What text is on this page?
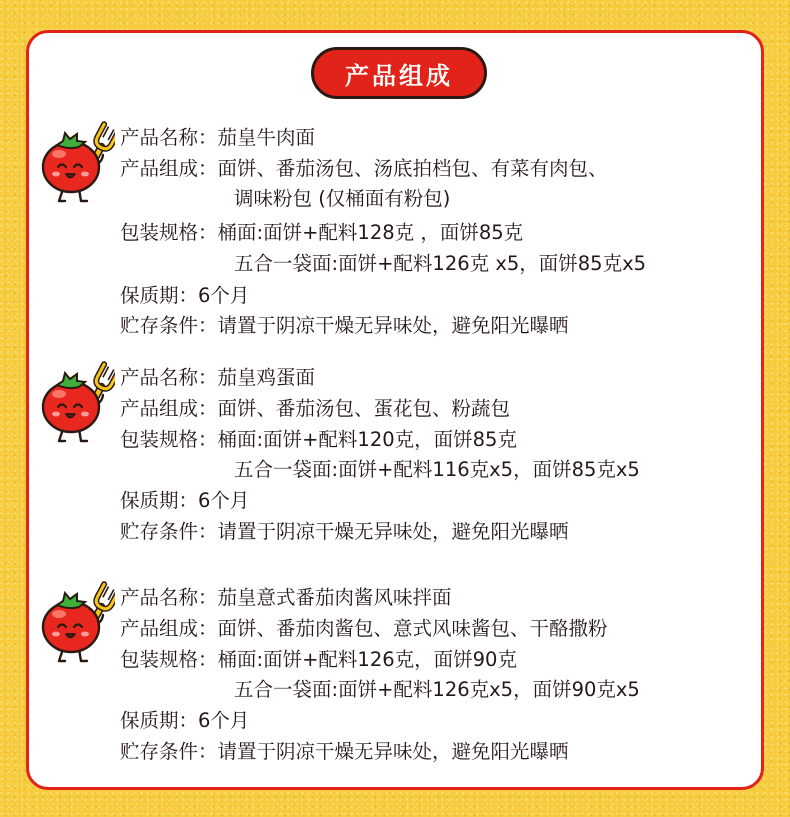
产品组成
产品名称：茄皇牛肉面
产品组成：面饼、番茄汤包、汤底拍档包、有菜有肉包、
调味粉包 (仅桶面有粉包)
包装规格：桶面:面饼+配料128克 ，面饼85克
五合一袋面:面饼+配料126克 x5，面饼85克x5
保质期：6个月
贮存条件：请置于阴凉干燥无异味处，避免阳光曝晒
产品名称：茄皇鸡蛋面
产品组成：面饼、番茄汤包、蛋花包、粉蔬包
包装规格：桶面:面饼+配料120克，面饼85克
五合一袋面:面饼+配料116克x5，面饼85克x5
保质期：6个月
贮存条件：请置于阴凉干燥无异味处，避免阳光曝晒
产品名称：茄皇意式番茄肉酱风味拌面
产品组成：面饼、番茄肉酱包、意式风味酱包、干酪撒粉
包装规格：桶面:面饼+配料126克，面饼90克
五合一袋面:面饼+配料126克x5，面饼90克x5
保质期：6个月
贮存条件：请置于阴凉干燥无异味处，避免阳光曝晒
